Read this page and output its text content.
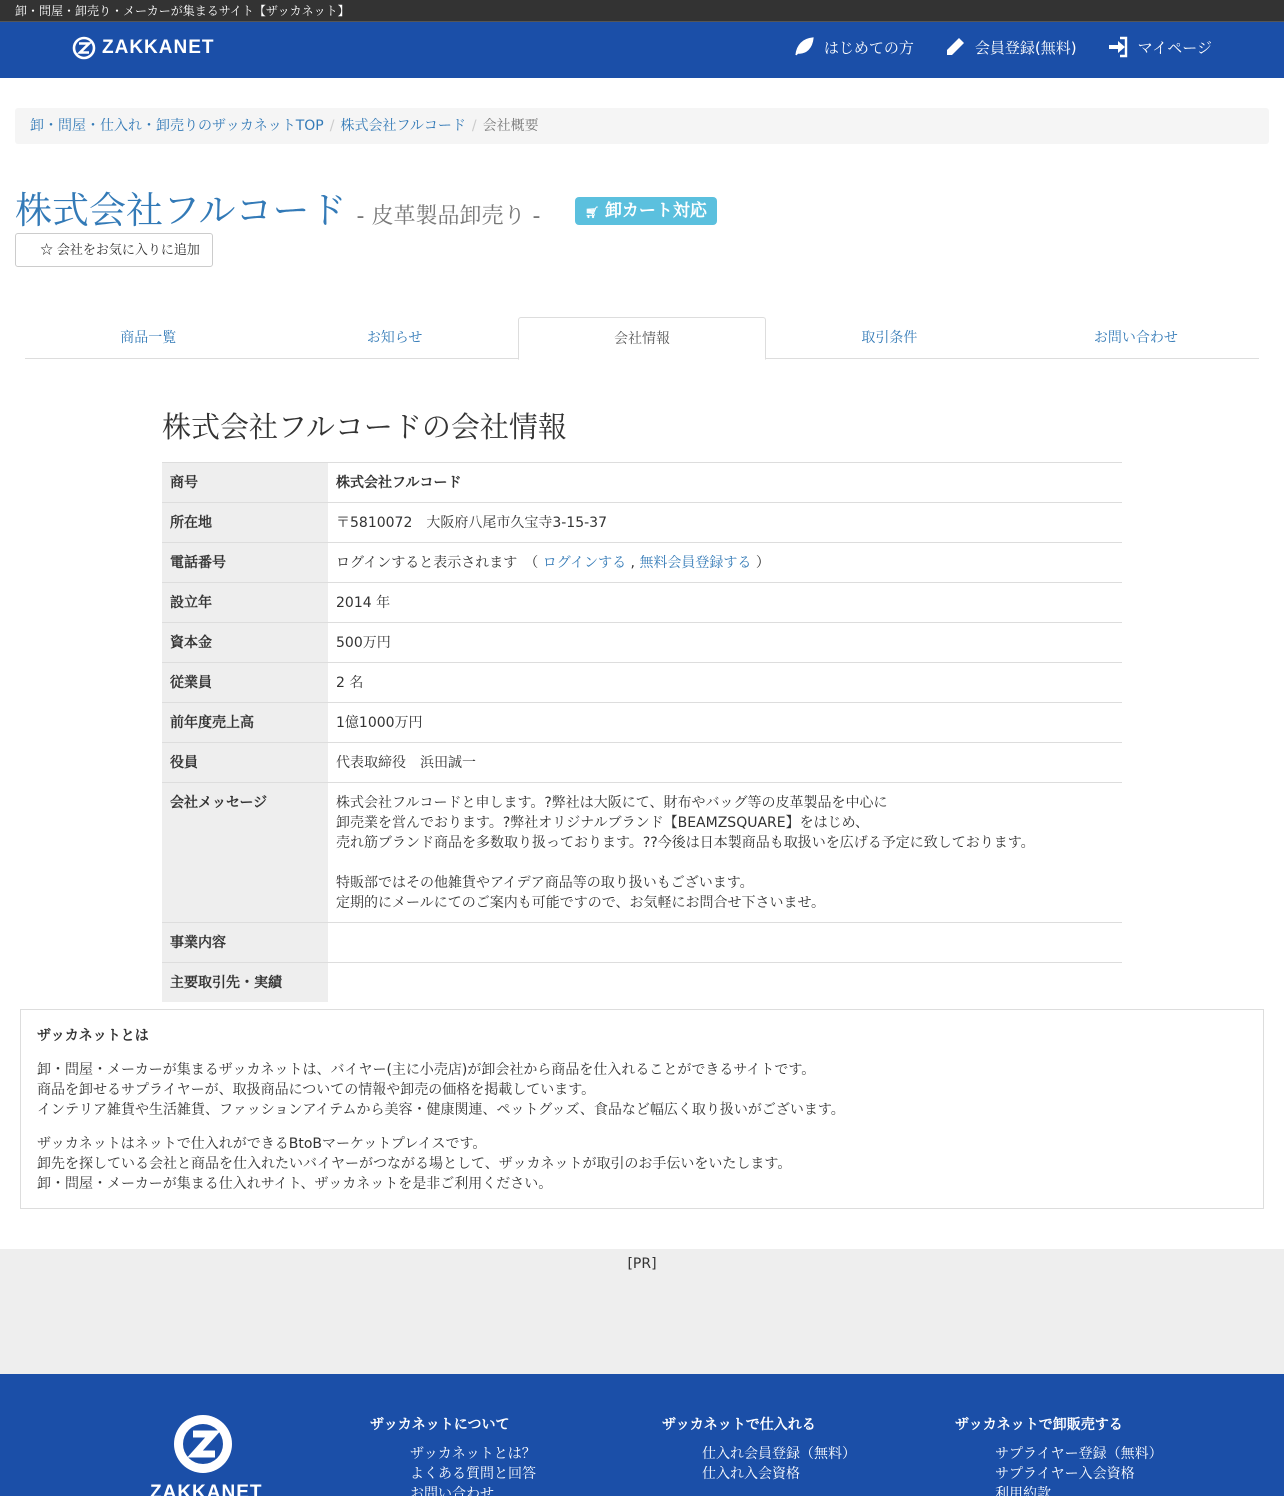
卸・問屋・卸売り・メーカーが集まるサイト【ザッカネット】
ZAKKANET	はじめての方	会員登録(無料)	マイページ
卸・問屋・仕入れ・卸売りのザッカネットTOP / 株式会社フルコード / 会社概要
株式会社フルコード - 皮革製品卸売り -	🛒︎ 卸カート対応
☆ 会社をお気に入りに追加
商品一覧	お知らせ	会社情報	取引条件	お問い合わせ
株式会社フルコードの会社情報
商号	株式会社フルコード
所在地	〒5810072　大阪府八尾市久宝寺3-15-37
電話番号	ログインすると表示されます　（ ログインする , 無料会員登録する ）
設立年	2014 年
資本金	500万円
従業員	2 名
前年度売上高	1億1000万円
役員	代表取締役　浜田誠一
会社メッセージ	株式会社フルコードと申します。?弊社は大阪にて、財布やバッグ等の皮革製品を中心に
卸売業を営んでおります。?弊社オリジナルブランド【BEAMZSQUARE】をはじめ、
売れ筋ブランド商品を多数取り扱っております。??今後は日本製商品も取扱いを広げる予定に致しております。

特販部ではその他雑貨やアイデア商品等の取り扱いもございます。
定期的にメールにてのご案内も可能ですので、お気軽にお問合せ下さいませ。
事業内容	
主要取引先・実績	
ザッカネットとは

卸・問屋・メーカーが集まるザッカネットは、バイヤー(主に小売店)が卸会社から商品を仕入れることができるサイトです。
商品を卸せるサプライヤーが、取扱商品についての情報や卸売の価格を掲載しています。
インテリア雑貨や生活雑貨、ファッションアイテムから美容・健康関連、ペットグッズ、食品など幅広く取り扱いがございます。

ザッカネットはネットで仕入れができるBtoBマーケットプレイスです。
卸先を探している会社と商品を仕入れたいバイヤーがつながる場として、ザッカネットが取引のお手伝いをいたします。
卸・問屋・メーカーが集まる仕入れサイト、ザッカネットを是非ご利用ください。

[PR]
ZAKKANET
ザッカネットについて
ザッカネットとは？
よくある質問と回答
お問い合わせ
ザッカネットで仕入れる
仕入れ会員登録（無料）
仕入れ入会資格
ザッカネットで卸販売する
サプライヤー登録（無料）
サプライヤー入会資格
利用約款
